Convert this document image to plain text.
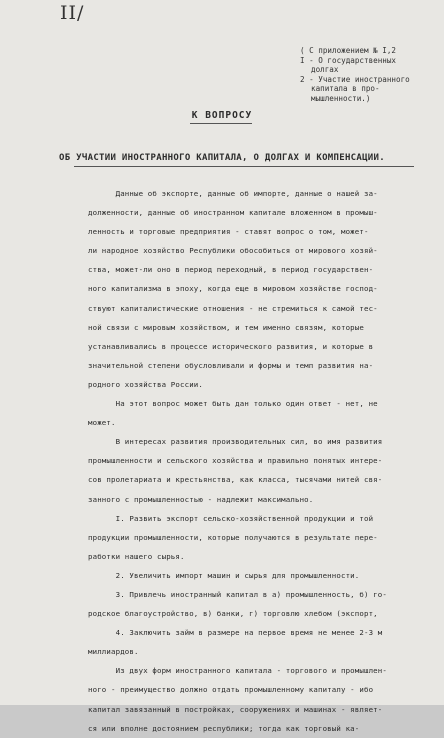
II/
( С приложением № I,2
I - О государственных
долгах
2 - Участие иностранного
капитала в про-
мышленности.)
К ВОПРОСУ
ОБ УЧАСТИИ ИНОСТРАННОГО КАПИТАЛА, О ДОЛГАХ И КОМПЕНСАЦИИ.
Данные об экспорте, данные об импорте, данные о нашей за-
долженности, данные об иностранном капитале вложенном в промыш-
ленность и торговые предприятия - ставят вопрос о том, может-
ли народное хозяйство Республики обособиться от мирового хозяй-
ства, может-ли оно в период переходный, в период государствен-
ного капитализма в эпоху, когда еще в мировом хозяйстве господ-
ствуют капиталистические отношения - не стремиться к самой тес-
ной связи с мировым хозяйством, и тем именно связям, которые
устанавливались в процессе исторического развития, и которые в
значительной степени обусловливали и формы и темп развития на-
родного хозяйства России.
На этот вопрос может быть дан только один ответ - нет, не
может.
В интересах развития производительных сил, во имя развития
промышленности и сельского хозяйства и правильно понятых интере-
сов пролетариата и крестьянства, как класса, тысячами нитей свя-
занного с промышленностью - надлежит максимально.
I. Развить экспорт сельско-хозяйственной продукции и той
продукции промышленности, которые получаются в результате пере-
работки нашего сырья.
2. Увеличить импорт машин и сырья для промышленности.
3. Привлечь иностранный капитал в а) промышленность, б) го-
родское благоустройство, в) банки, г) торговлю хлебом (экспорт,
4. Заключить займ в размере на первое время не менее 2-3 м
миллиардов.
Из двух форм иностранного капитала - торгового и промышлен-
ного - преимущество должно отдать промышленному капиталу - ибо
капитал завязанный в постройках, сооружениях и машинах - являет-
ся или вполне достоянием республики; тогда как торговый ка-
